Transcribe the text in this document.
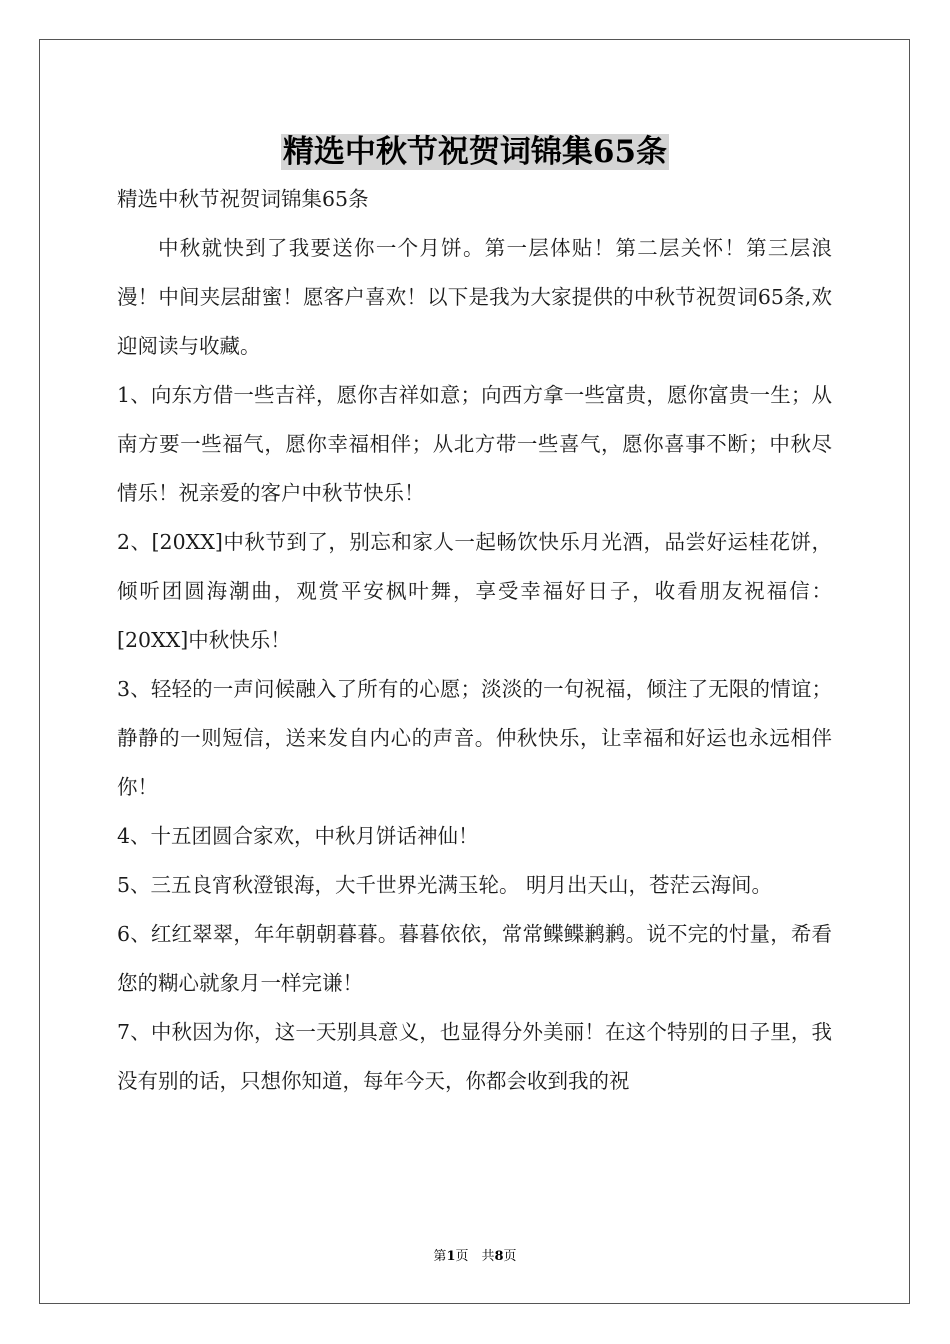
精选中秋节祝贺词锦集65条

精选中秋节祝贺词锦集65条

中秋就快到了我要送你一个月饼。第一层体贴！第二层关怀！第三层浪漫！中间夹层甜蜜！愿客户喜欢！以下是我为大家提供的中秋节祝贺词65条,欢迎阅读与收藏。

1、向东方借一些吉祥，愿你吉祥如意；向西方拿一些富贵，愿你富贵一生；从南方要一些福气，愿你幸福相伴；从北方带一些喜气，愿你喜事不断；中秋尽情乐！祝亲爱的客户中秋节快乐！

2、[20XX]中秋节到了，别忘和家人一起畅饮快乐月光酒，品尝好运桂花饼，倾听团圆海潮曲，观赏平安枫叶舞，享受幸福好日子，收看朋友祝福信：[20XX]中秋快乐！

3、轻轻的一声问候融入了所有的心愿；淡淡的一句祝福，倾注了无限的情谊；静静的一则短信，送来发自内心的声音。仲秋快乐，让幸福和好运也永远相伴你！

4、十五团圆合家欢，中秋月饼话神仙！

5、三五良宵秋澄银海，大千世界光满玉轮。 明月出天山，苍茫云海间。

6、红红翠翠，年年朝朝暮暮。暮暮依依，常常鲽鲽鹣鹣。说不完的忖量，希看您的糊心就象月一样完谦！

7、中秋因为你，这一天别具意义，也显得分外美丽！在这个特别的日子里，我没有别的话，只想你知道，每年今天，你都会收到我的祝

第1页　共8页
